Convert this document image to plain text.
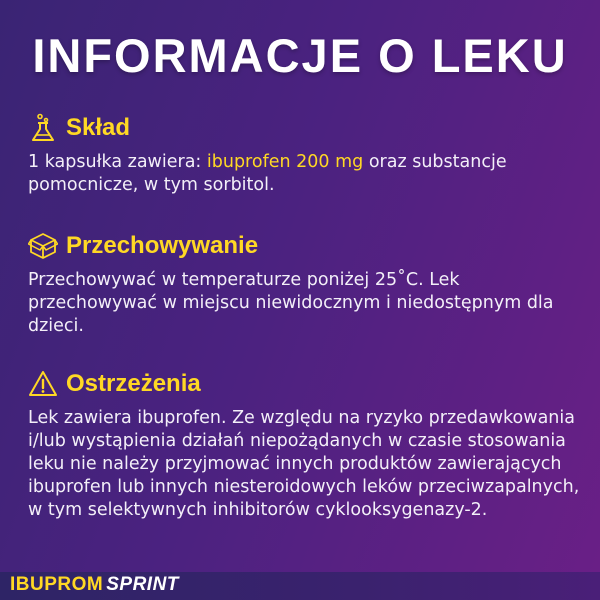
INFORMACJE O LEKU
Skład
1 kapsułka zawiera: ibuprofen 200 mg oraz substancje pomocnicze, w tym sorbitol.
Przechowywanie
Przechowywać w temperaturze poniżej 25˚C. Lek przechowywać w miejscu niewidocznym i niedostępnym dla dzieci.
Ostrzeżenia
Lek zawiera ibuprofen. Ze względu na ryzyko przedawkowania i/lub wystąpienia działań niepożądanych w czasie stosowania leku nie należy przyjmować innych produktów zawierających ibuprofen lub innych niesteroidowych leków przeciwzapalnych, w tym selektywnych inhibitorów cyklooksygenazy-2.
IBUPROM SPRINT
